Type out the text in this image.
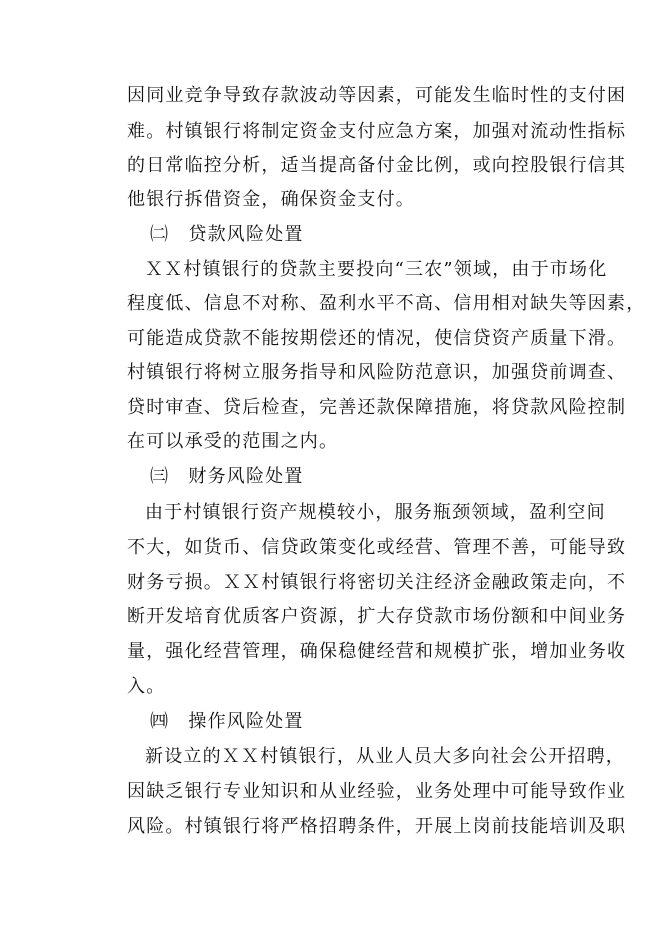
因同业竞争导致存款波动等因素，可能发生临时性的支付困
难。村镇银行将制定资金支付应急方案，加强对流动性指标
的日常临控分析，适当提高备付金比例，或向控股银行信其
他银行拆借资金，确保资金支付。
㈡　贷款风险处置
ＸＸ村镇银行的贷款主要投向“三农”领域，由于市场化
程度低、信息不对称、盈利水平不高、信用相对缺失等因素，
可能造成贷款不能按期偿还的情况，使信贷资产质量下滑。
村镇银行将树立服务指导和风险防范意识，加强贷前调查、
贷时审查、贷后检查，完善还款保障措施，将贷款风险控制
在可以承受的范围之内。
㈢　财务风险处置
由于村镇银行资产规模较小，服务瓶颈领域，盈利空间
不大，如货币、信贷政策变化或经营、管理不善，可能导致
财务亏损。ＸＸ村镇银行将密切关注经济金融政策走向，不
断开发培育优质客户资源，扩大存贷款市场份额和中间业务
量，强化经营管理，确保稳健经营和规模扩张，增加业务收
入。
㈣　操作风险处置
新设立的ＸＸ村镇银行，从业人员大多向社会公开招聘，
因缺乏银行专业知识和从业经验，业务处理中可能导致作业
风险。村镇银行将严格招聘条件，开展上岗前技能培训及职
